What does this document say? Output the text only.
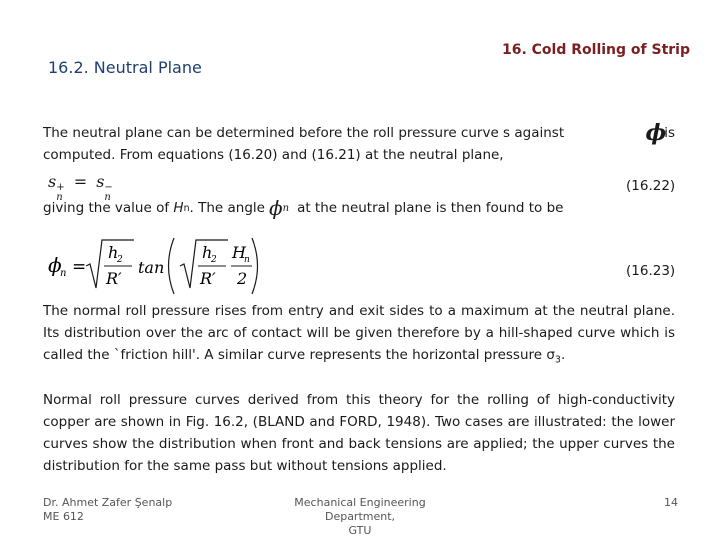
16. Cold Rolling of Strip
16.2. Neutral Plane
The neutral plane can be determined before the roll pressure curve s against	ϕ
is
computed. From equations (16.20) and (16.21) at the neutral plane,
s +
n
= s −
n
(16.22)
giving the value of
H n . The angle ϕ n at the neutral plane is then found to be
ϕ
n =
h
2
R′
tan
h
2
R′
H
n
2	(16.23)
The normal roll pressure rises from entry and exit sides to a maximum at the neutral plane. Its distribution over the arc of contact will be given therefore by a hill-shaped curve which is called the `friction hill'. A similar curve represents the horizontal pressure $\sigma_3$.
Normal roll pressure curves derived from this theory for the rolling of high-conductivity copper are shown in Fig. 16.2, (BLAND and FORD, 1948). Two cases are illustrated: the lower curves show the distribution when front and back tensions are applied; the upper curves the distribution for the same pass but without tensions applied.
Dr. Ahmet Zafer Şenalp
ME 612
Mechanical Engineering Department,
GTU
14
